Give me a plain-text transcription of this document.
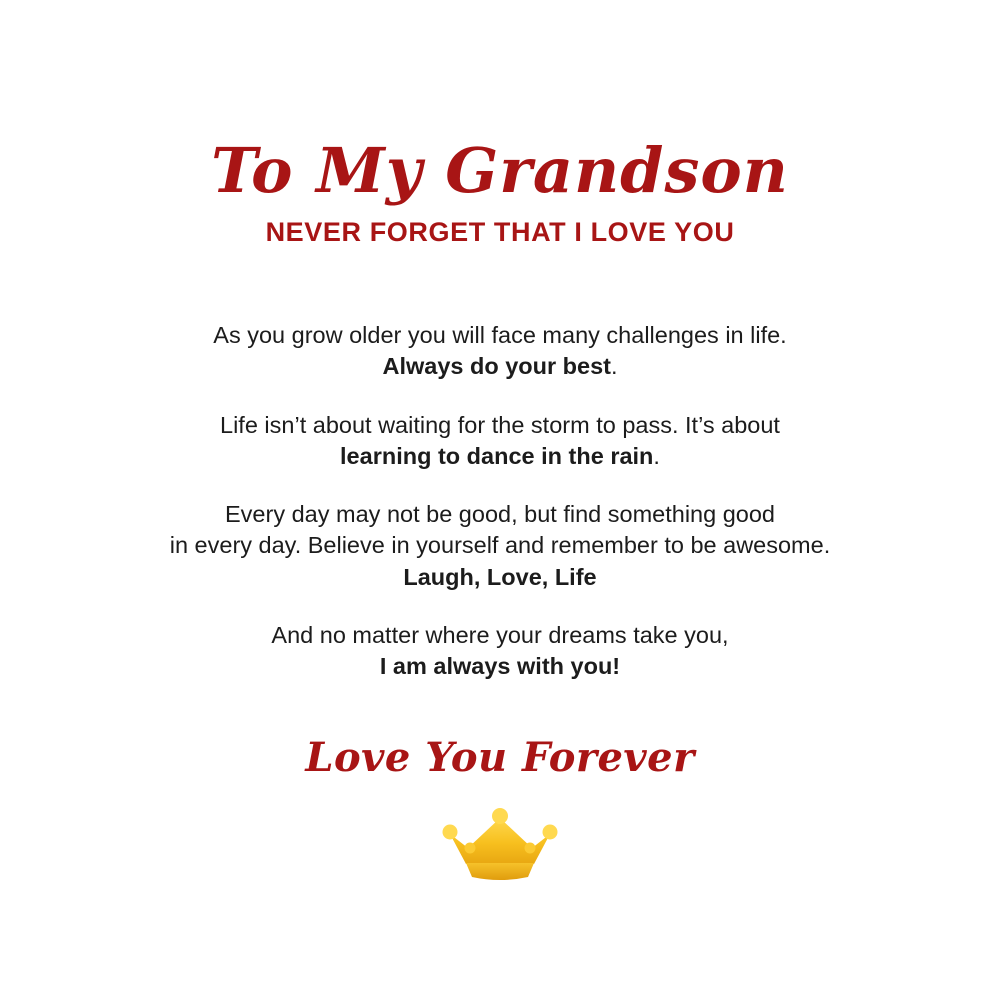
To My Grandson
NEVER FORGET THAT I LOVE YOU
As you grow older you will face many challenges in life.
Always do your best.
Life isn’t about waiting for the storm to pass. It’s about
learning to dance in the rain.
Every day may not be good, but find something good
in every day. Believe in yourself and remember to be awesome.
Laugh, Love, Life
And no matter where your dreams take you,
I am always with you!
Love You Forever
